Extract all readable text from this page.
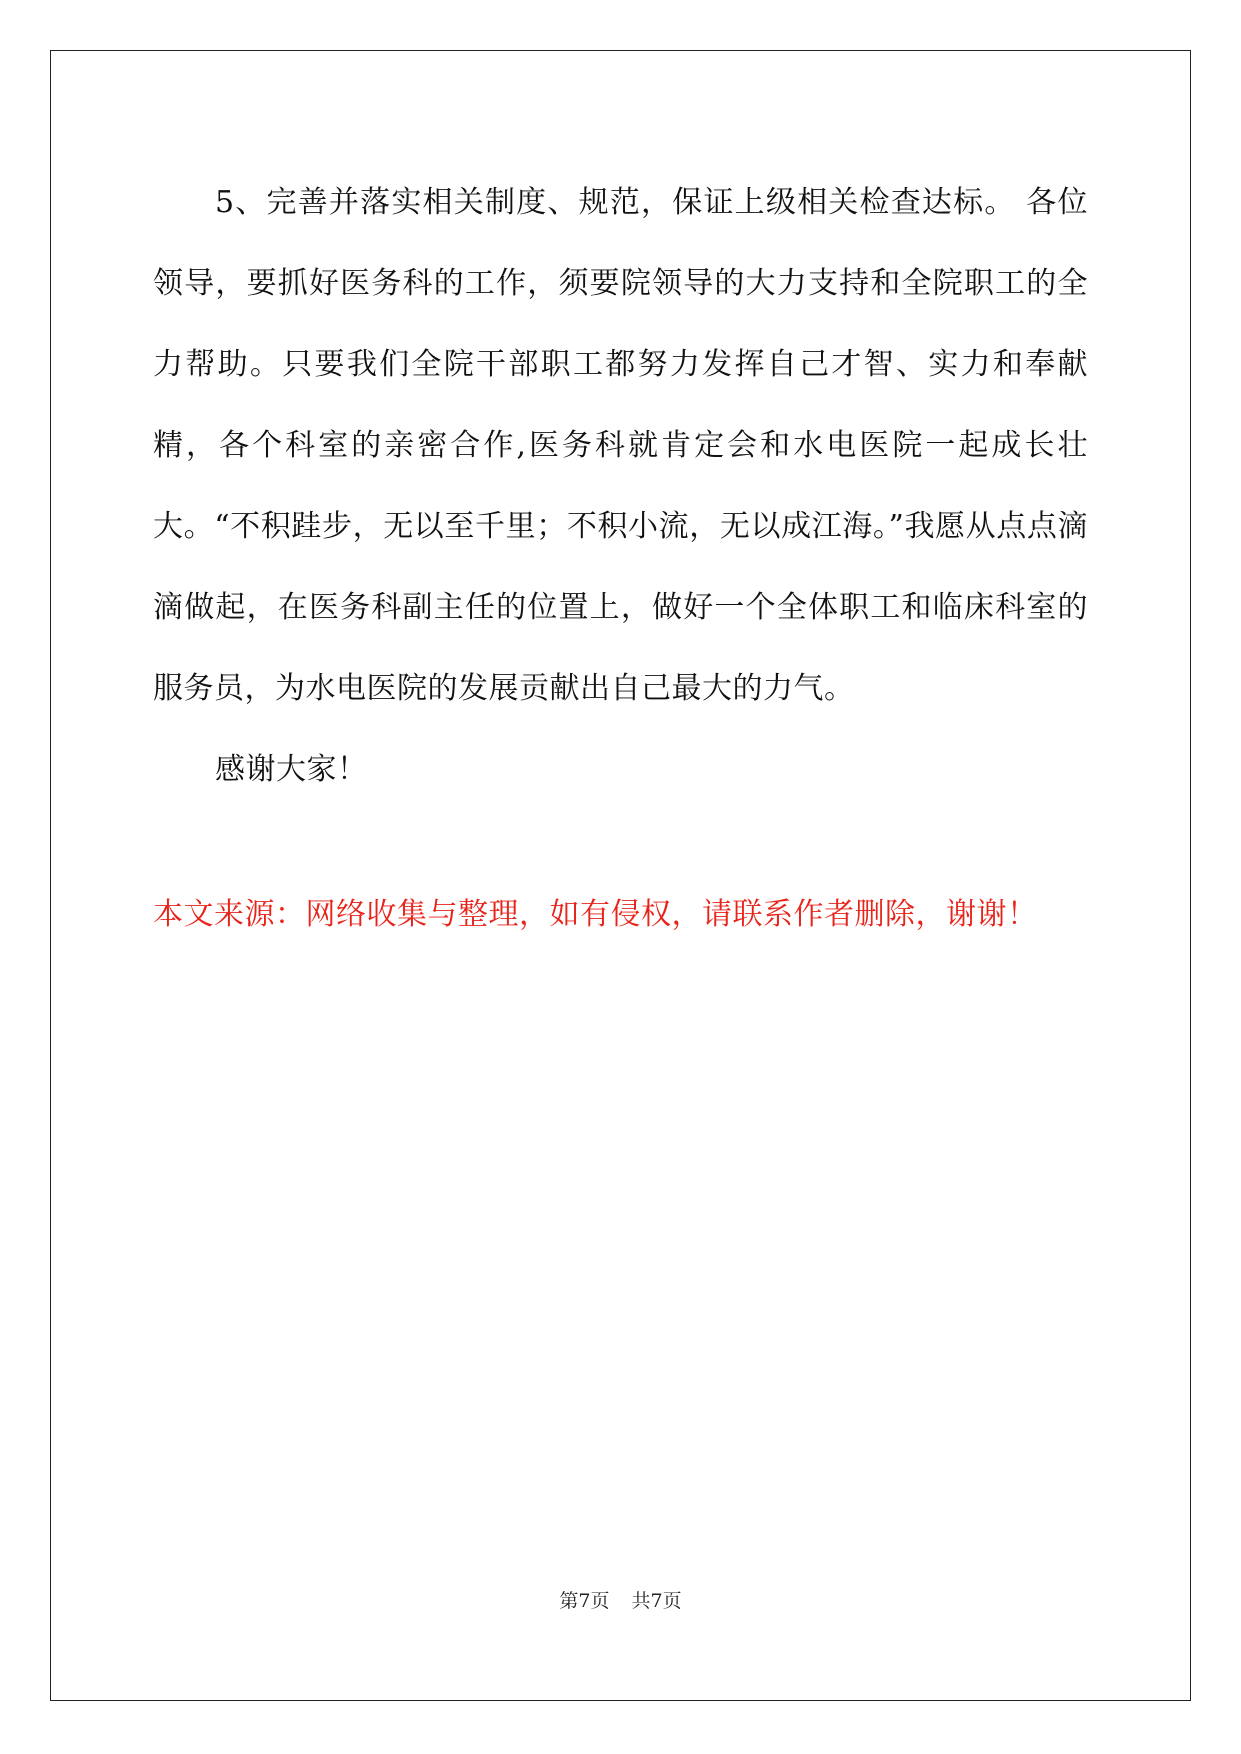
5、完善并落实相关制度、规范，保证上级相关检查达标。 各位领导，要抓好医务科的工作，须要院领导的大力支持和全院职工的全力帮助。只要我们全院干部职工都努力发挥自己才智、实力和奉献精，各个科室的亲密合作,医务科就肯定会和水电医院一起成长壮大。“不积跬步，无以至千里；不积小流，无以成江海。”我愿从点点滴滴做起，在医务科副主任的位置上，做好一个全体职工和临床科室的服务员，为水电医院的发展贡献出自己最大的力气。

感谢大家！

本文来源：网络收集与整理，如有侵权，请联系作者删除，谢谢！

第7页 共7页
